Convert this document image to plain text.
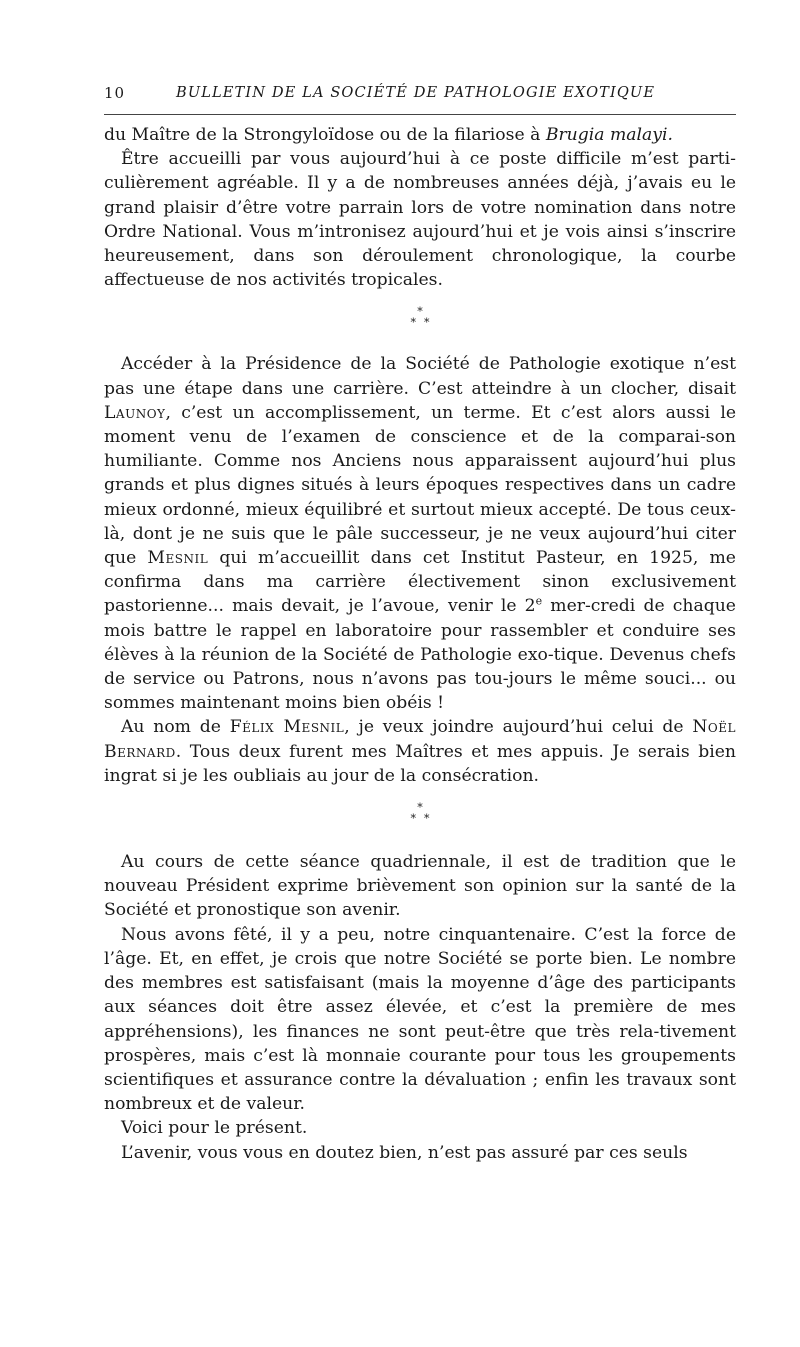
10	BULLETIN DE LA SOCIÉTÉ DE PATHOLOGIE EXOTIQUE

du Maître de la Strongyloïdose ou de la filariose à Brugia malayi.

Être accueilli par vous aujourd’hui à ce poste difficile m’est parti-culièrement agréable. Il y a de nombreuses années déjà, j’avais eu le grand plaisir d’être votre parrain lors de votre nomination dans notre Ordre National. Vous m’intronisez aujourd’hui et je vois ainsi s’inscrire heureusement, dans son déroulement chronologique, la courbe affectueuse de nos activités tropicales.

*
**

Accéder à la Présidence de la Société de Pathologie exotique n’est pas une étape dans une carrière. C’est atteindre à un clocher, disait Launoy, c’est un accomplissement, un terme. Et c’est alors aussi le moment venu de l’examen de conscience et de la comparai-son humiliante. Comme nos Anciens nous apparaissent aujourd’hui plus grands et plus dignes situés à leurs époques respectives dans un cadre mieux ordonné, mieux équilibré et surtout mieux accepté. De tous ceux-là, dont je ne suis que le pâle successeur, je ne veux aujourd’hui citer que Mesnil qui m’accueillit dans cet Institut Pasteur, en 1925, me confirma dans ma carrière électivement sinon exclusivement pastorienne... mais devait, je l’avoue, venir le 2e mer-credi de chaque mois battre le rappel en laboratoire pour rassembler et conduire ses élèves à la réunion de la Société de Pathologie exo-tique. Devenus chefs de service ou Patrons, nous n’avons pas tou-jours le même souci... ou sommes maintenant moins bien obéis !

Au nom de Félix Mesnil, je veux joindre aujourd’hui celui de Noël Bernard. Tous deux furent mes Maîtres et mes appuis. Je serais bien ingrat si je les oubliais au jour de la consécration.

*
**

Au cours de cette séance quadriennale, il est de tradition que le nouveau Président exprime brièvement son opinion sur la santé de la Société et pronostique son avenir.

Nous avons fêté, il y a peu, notre cinquantenaire. C’est la force de l’âge. Et, en effet, je crois que notre Société se porte bien. Le nombre des membres est satisfaisant (mais la moyenne d’âge des participants aux séances doit être assez élevée, et c’est la première de mes appréhensions), les finances ne sont peut-être que très rela-tivement prospères, mais c’est là monnaie courante pour tous les groupements scientifiques et assurance contre la dévaluation ; enfin les travaux sont nombreux et de valeur.

Voici pour le présent.

L’avenir, vous vous en doutez bien, n’est pas assuré par ces seuls
